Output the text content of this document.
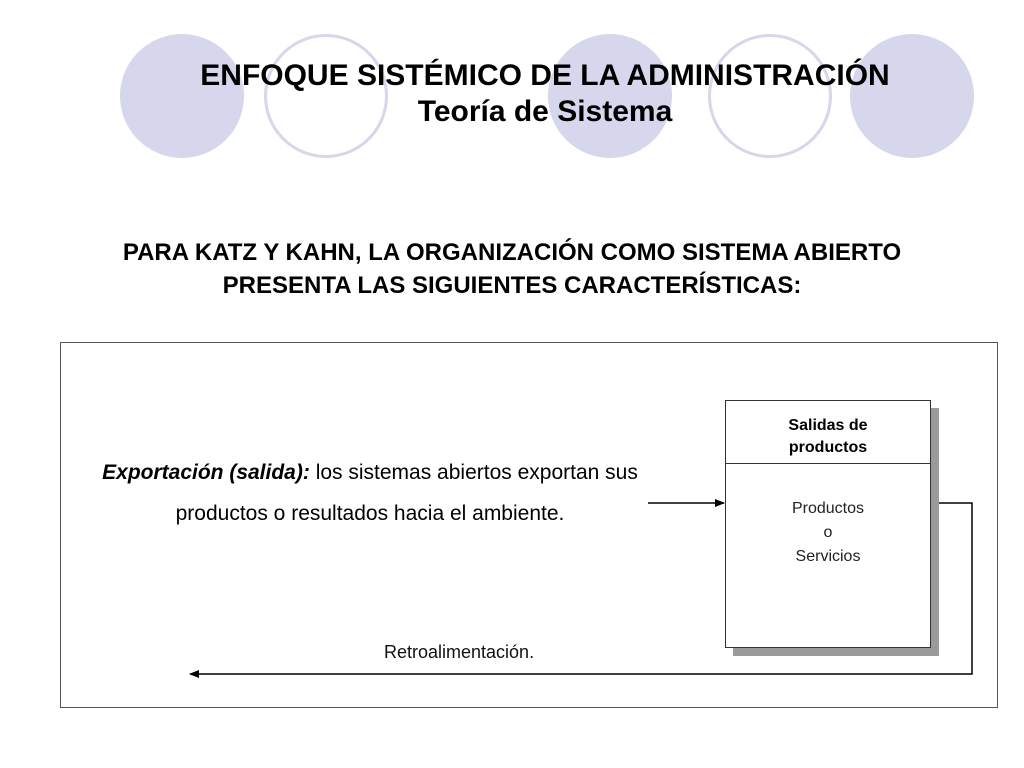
ENFOQUE SISTÉMICO DE LA ADMINISTRACIÓN
Teoría de Sistema
PARA KATZ Y KAHN, LA ORGANIZACIÓN COMO SISTEMA ABIERTO
PRESENTA LAS SIGUIENTES CARACTERÍSTICAS:
Exportación (salida): los sistemas abiertos exportan sus productos o resultados hacia el ambiente.
Salidas de
productos
Productos
o
Servicios
Retroalimentación.
